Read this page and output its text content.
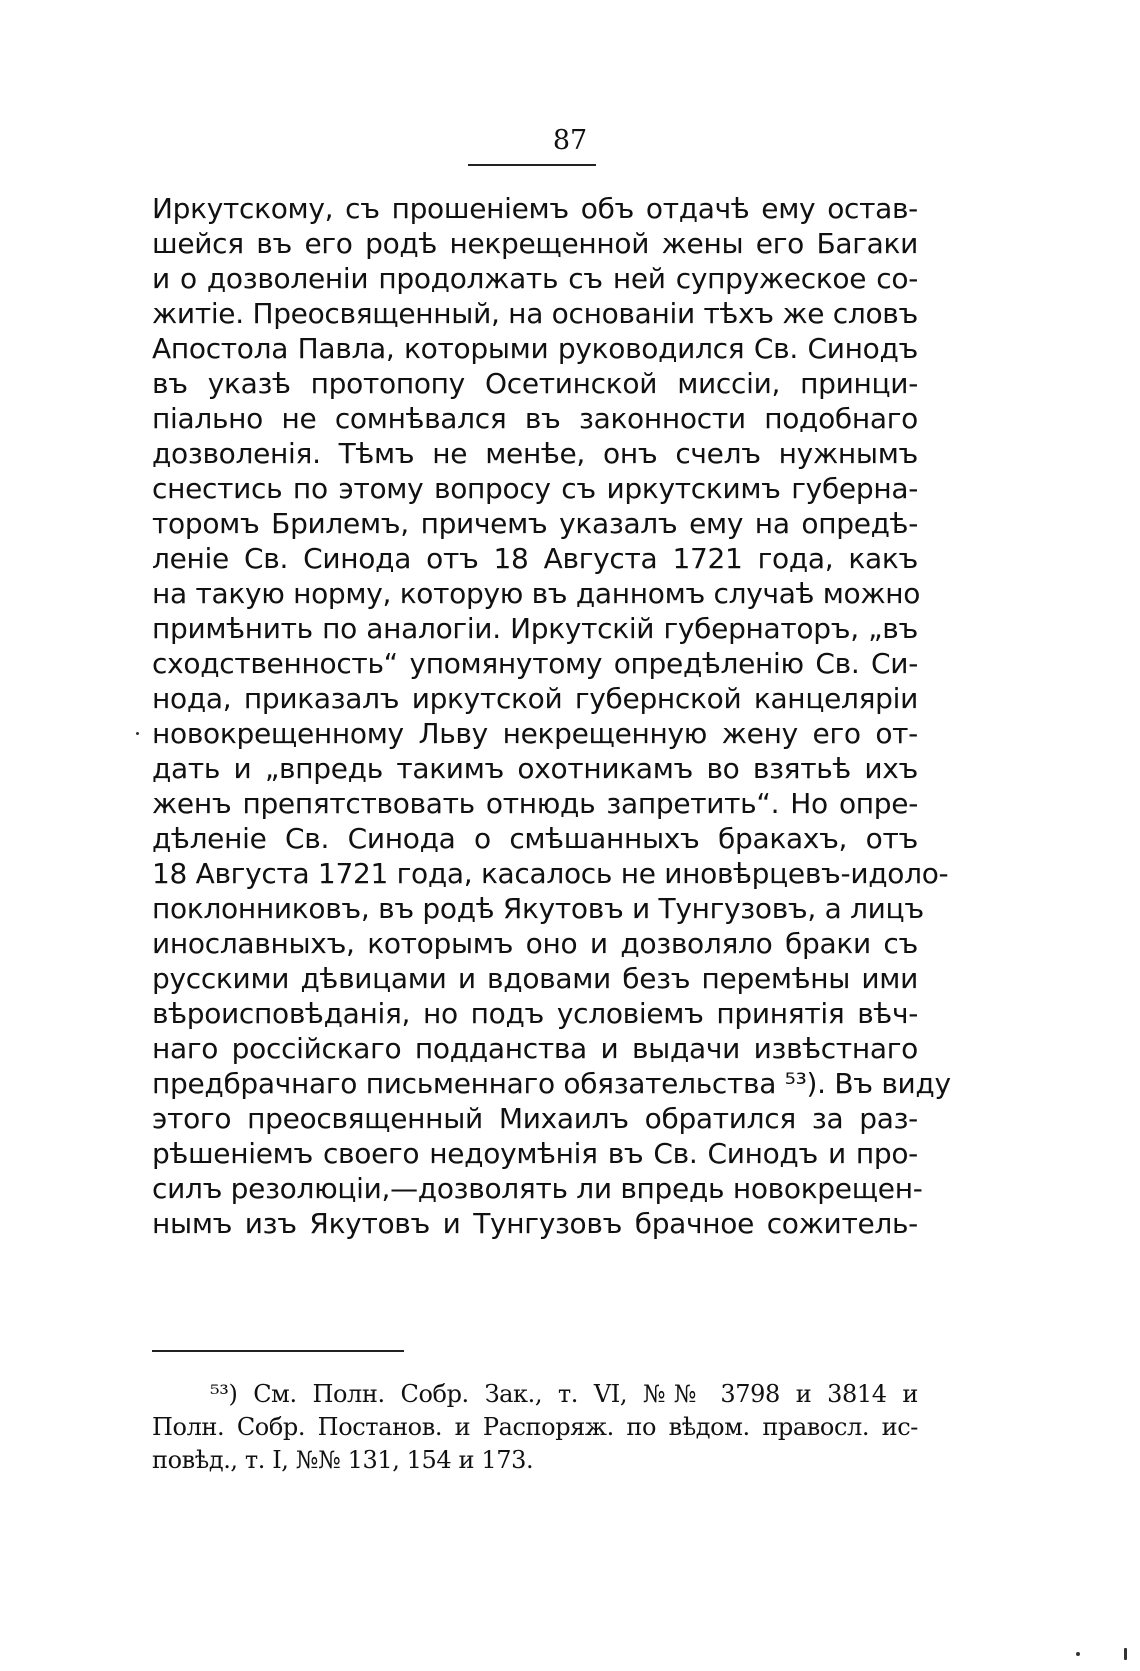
87
Иркутскому, съ прошеніемъ объ отдачѣ ему остав-
шейся въ его родѣ некрещенной жены его Багаки
и о дозволеніи продолжать съ ней супружеское со-
житіе. Преосвященный, на основаніи тѣхъ же словъ
Апостола Павла, которыми руководился Св. Синодъ
въ указѣ протопопу Осетинской миссіи, принци-
піально не сомнѣвался въ законности подобнаго
дозволенія. Тѣмъ не менѣе, онъ счелъ нужнымъ
снестись по этому вопросу съ иркутскимъ губерна-
торомъ Брилемъ, причемъ указалъ ему на опредѣ-
леніе Св. Синода отъ 18 Августа 1721 года, какъ
на такую норму, которую въ данномъ случаѣ можно
примѣнить по аналогіи. Иркутскій губернаторъ, „въ
сходственность“ упомянутому опредѣленію Св. Си-
нода, приказалъ иркутской губернской канцеляріи
новокрещенному Льву некрещенную жену его от-
дать и „впредь такимъ охотникамъ во взятьѣ ихъ
женъ препятствовать отнюдь запретить“. Но опре-
дѣленіе Св. Синода о смѣшанныхъ бракахъ, отъ
18 Августа 1721 года, касалось не иновѣрцевъ-идоло-
поклонниковъ, въ родѣ Якутовъ и Тунгузовъ, а лицъ
инославныхъ, которымъ оно и дозволяло браки съ
русскими дѣвицами и вдовами безъ перемѣны ими
вѣроисповѣданія, но подъ условіемъ принятія вѣч-
наго россійскаго подданства и выдачи извѣстнаго
предбрачнаго письменнаго обязательства ⁵³). Въ виду
этого преосвященный Михаилъ обратился за раз-
рѣшеніемъ своего недоумѣнія въ Св. Синодъ и про-
силъ резолюціи,—дозволять ли впредь новокрещен-
нымъ изъ Якутовъ и Тунгузовъ брачное сожитель-
⁵³) См. Полн. Собр. Зак., т. VI, №№ 3798 и 3814 и
Полн. Собр. Постанов. и Распоряж. по вѣдом. правосл. ис-
повѣд., т. I, №№ 131, 154 и 173.
